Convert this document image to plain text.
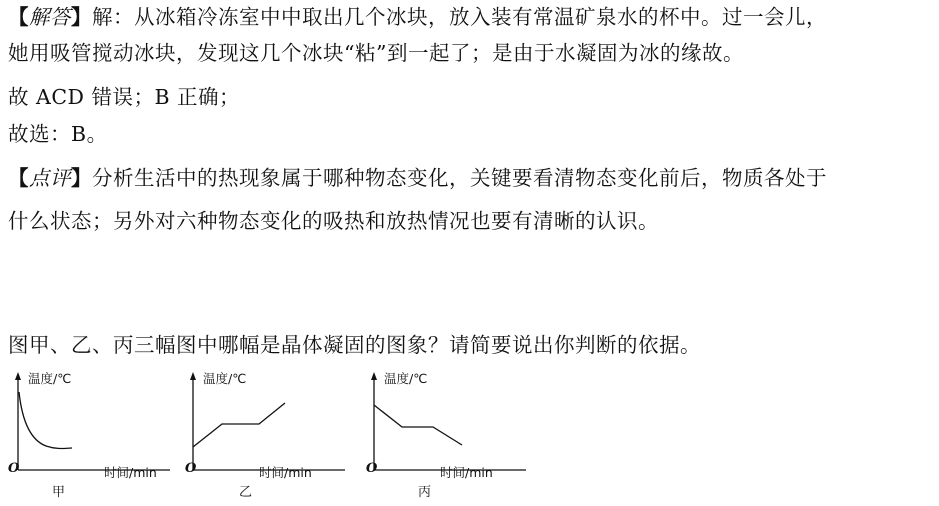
【解答】解：从冰箱冷冻室中中取出几个冰块，放入装有常温矿泉水的杯中。过一会儿，
她用吸管搅动冰块，发现这几个冰块“粘”到一起了；是由于水凝固为冰的缘故。
故 ACD 错误；B 正确；
故选：B。
【点评】分析生活中的热现象属于哪种物态变化，关键要看清物态变化前后，物质各处于
什么状态；另外对六种物态变化的吸热和放热情况也要有清晰的认识。
图甲、乙、丙三幅图中哪幅是晶体凝固的图象？请简要说出你判断的依据。
温度/℃
O	时间/min
甲
温度/℃
O	时间/min
乙
温度/℃
O	时间/min
丙
